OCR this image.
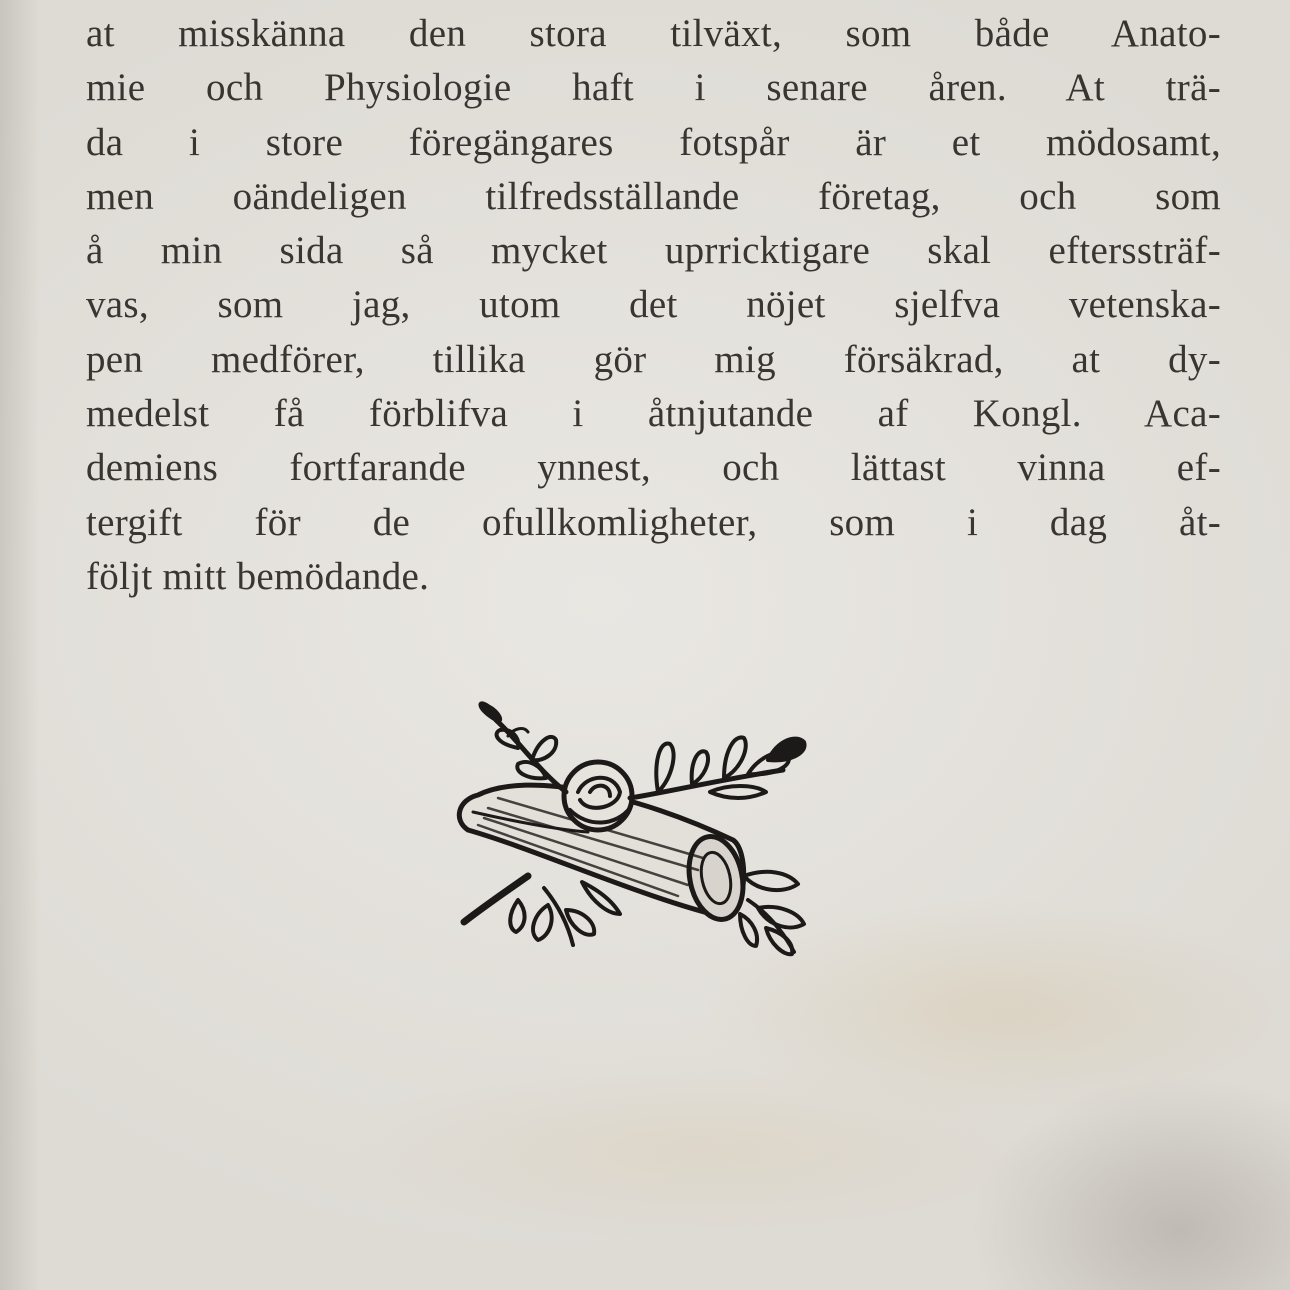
at misskänna den stora tilväxt, som både Anato-
mie och Physiologie haft i senare åren. At trä-
da i store föregängares fotspår är et mödosamt,
men oändeligen tilfredsställande företag, och som
å min sida så mycket uprricktigare skal efterssträf-
vas, som jag, utom det nöjet sjelfva vetenska-
pen medförer, tillika gör mig försäkrad, at dy-
medelst få förblifva i åtnjutande af Kongl. Aca-
demiens fortfarande ynnest, och lättast vinna ef-
tergift för de ofullkomligheter, som i dag åt-
följt mitt bemödande.
